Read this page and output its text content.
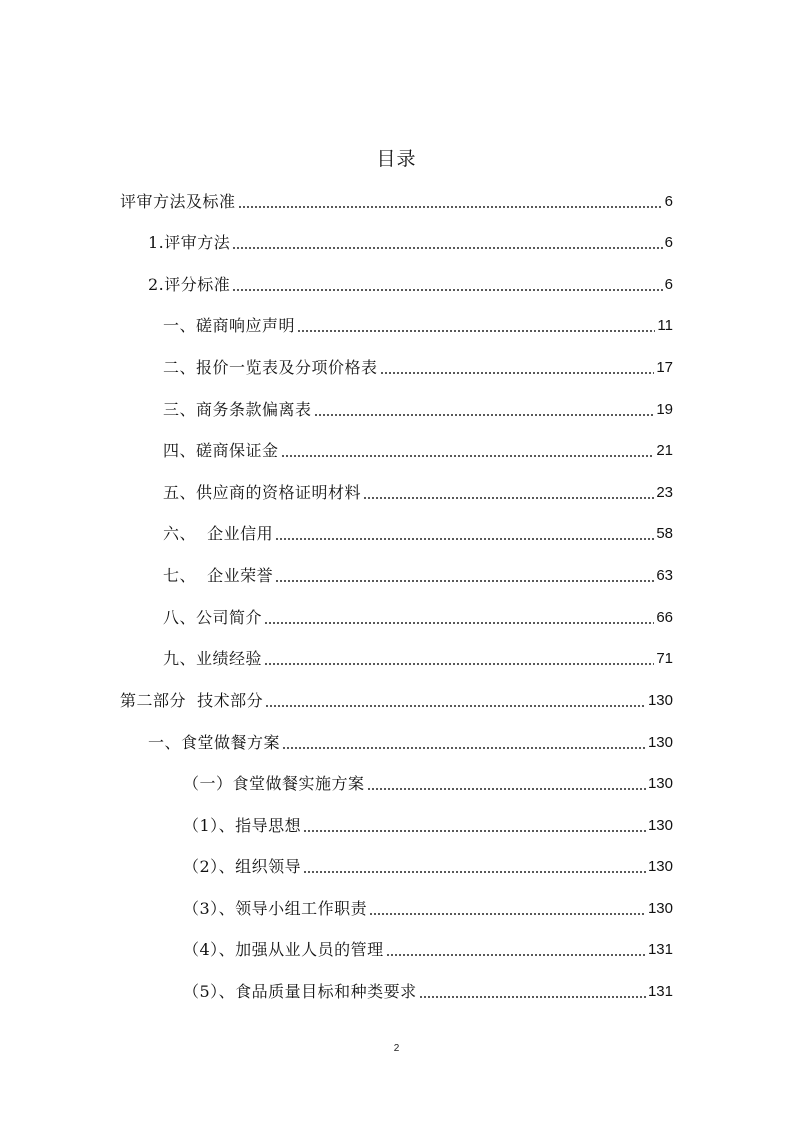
目录
评审方法及标准	6
1.评审方法	6
2.评分标准	6
一、磋商响应声明	11
二、报价一览表及分项价格表	17
三、商务条款偏离表	19
四、磋商保证金	21
五、供应商的资格证明材料	23
六、  企业信用	58
七、  企业荣誉	63
八、公司简介	66
九、业绩经验	71
第二部分  技术部分	130
一、食堂做餐方案	130
（一）食堂做餐实施方案	130
（1）、指导思想	130
（2）、组织领导	130
（3）、领导小组工作职责	130
（4）、加强从业人员的管理	131
（5）、食品质量目标和种类要求	131
2
